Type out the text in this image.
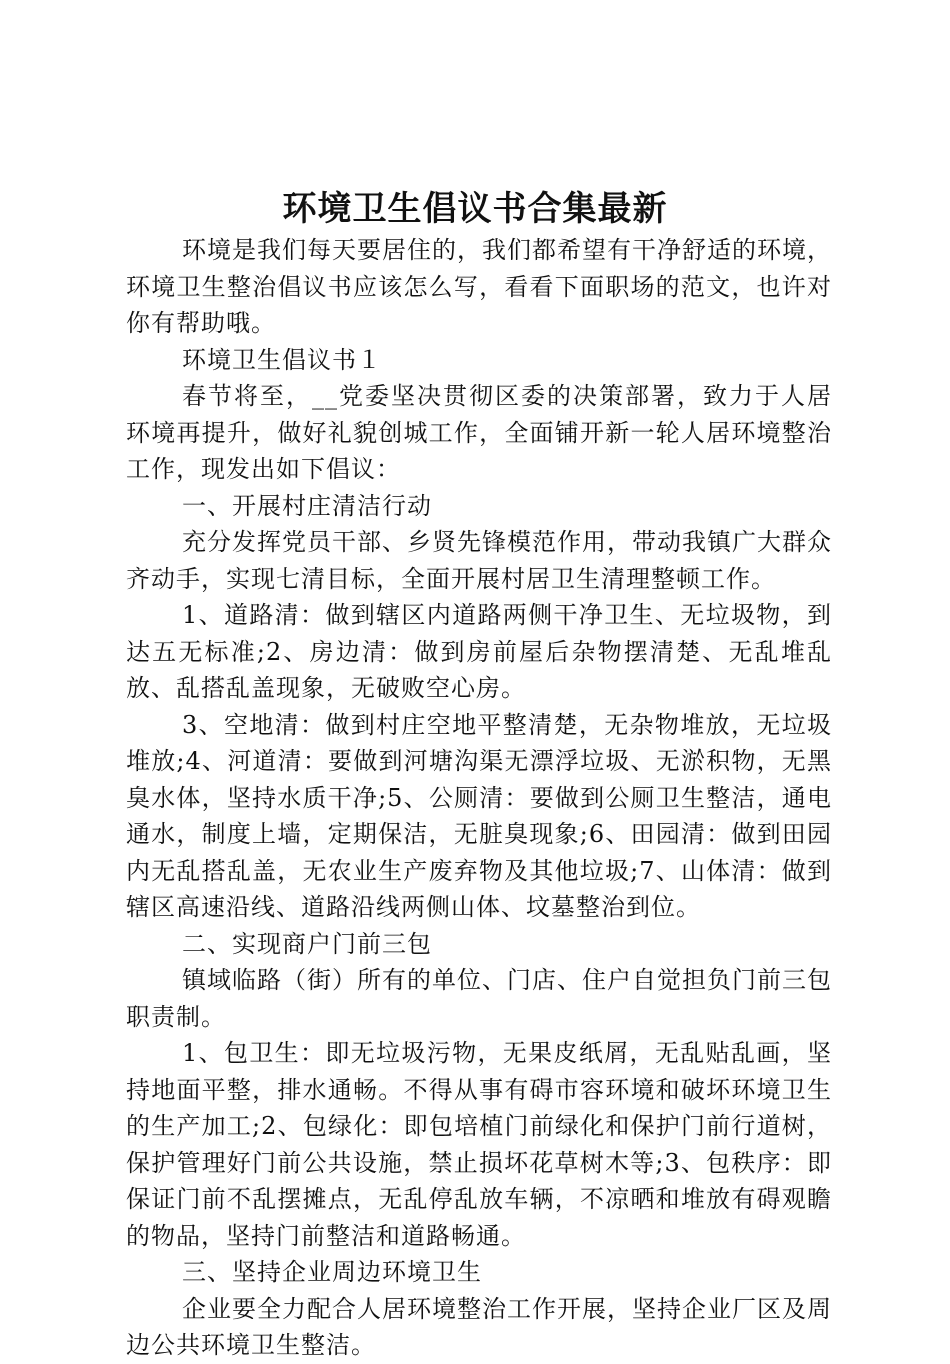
环境卫生倡议书合集最新

环境是我们每天要居住的，我们都希望有干净舒适的环境，环境卫生整治倡议书应该怎么写，看看下面职场的范文，也许对你有帮助哦。

环境卫生倡议书１

春节将至，__党委坚决贯彻区委的决策部署，致力于人居环境再提升，做好礼貌创城工作，全面铺开新一轮人居环境整治工作，现发出如下倡议：

一、开展村庄清洁行动

充分发挥党员干部、乡贤先锋模范作用，带动我镇广大群众齐动手，实现七清目标，全面开展村居卫生清理整顿工作。

1、道路清：做到辖区内道路两侧干净卫生、无垃圾物，到达五无标准;2、房边清：做到房前屋后杂物摆清楚、无乱堆乱放、乱搭乱盖现象，无破败空心房。

3、空地清：做到村庄空地平整清楚，无杂物堆放，无垃圾堆放;4、河道清：要做到河塘沟渠无漂浮垃圾、无淤积物，无黑臭水体，坚持水质干净;5、公厕清：要做到公厕卫生整洁，通电通水，制度上墙，定期保洁，无脏臭现象;6、田园清：做到田园内无乱搭乱盖，无农业生产废弃物及其他垃圾;7、山体清：做到辖区高速沿线、道路沿线两侧山体、坟墓整治到位。

二、实现商户门前三包

镇域临路（街）所有的单位、门店、住户自觉担负门前三包职责制。

1、包卫生：即无垃圾污物，无果皮纸屑，无乱贴乱画，坚持地面平整，排水通畅。不得从事有碍市容环境和破坏环境卫生的生产加工;2、包绿化：即包培植门前绿化和保护门前行道树，保护管理好门前公共设施，禁止损坏花草树木等;3、包秩序：即保证门前不乱摆摊点，无乱停乱放车辆，不凉晒和堆放有碍观瞻的物品，坚持门前整洁和道路畅通。

三、坚持企业周边环境卫生

企业要全力配合人居环境整治工作开展，坚持企业厂区及周边公共环境卫生整洁。
